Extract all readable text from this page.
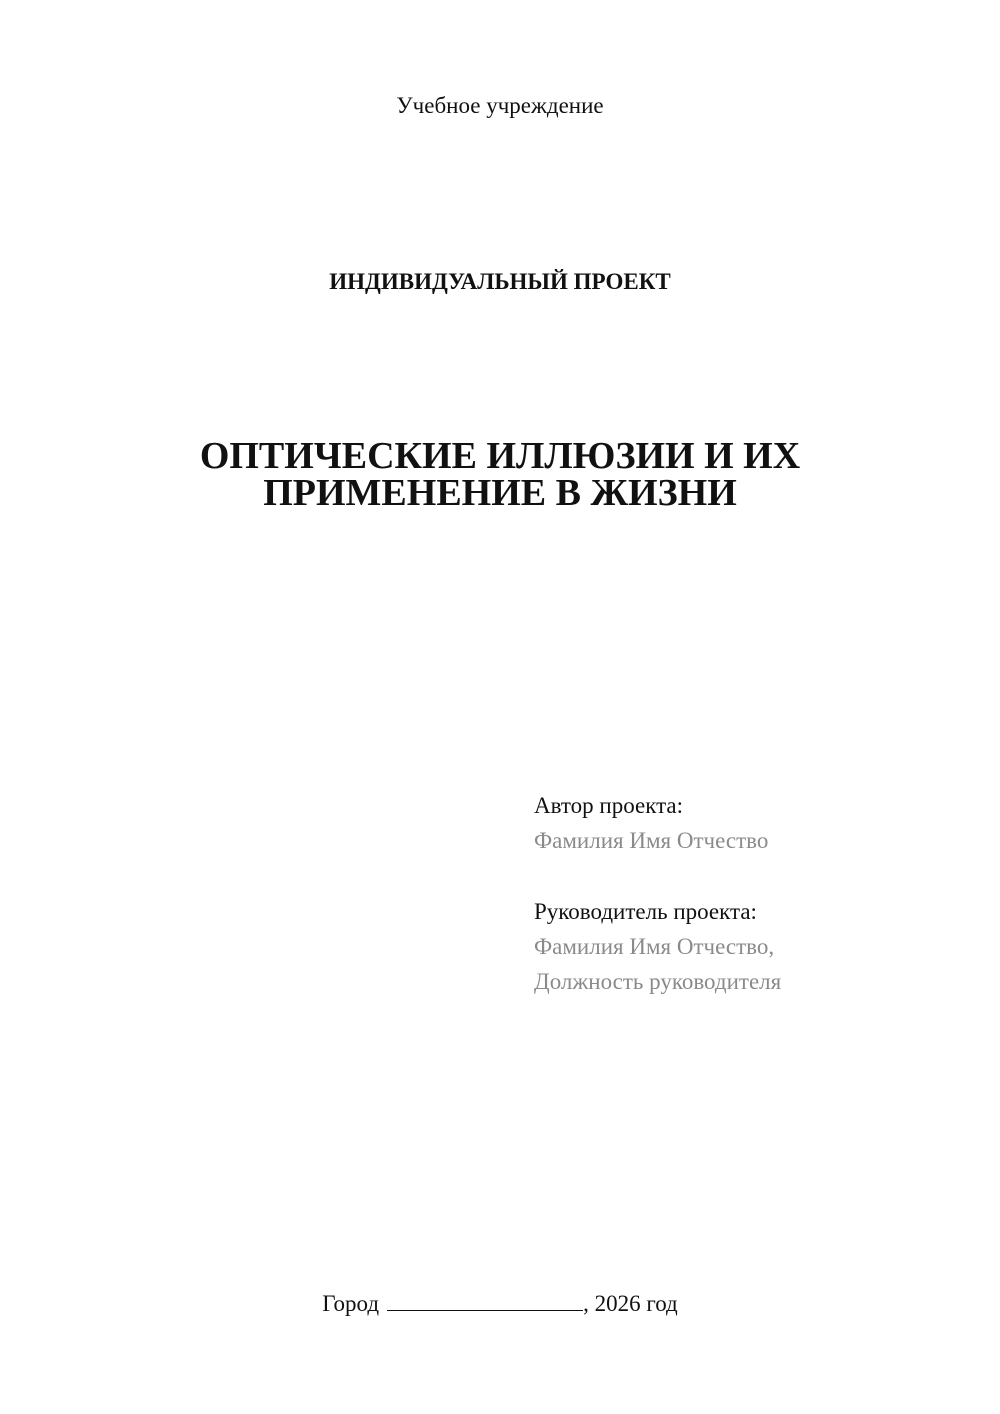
Учебное учреждение
ИНДИВИДУАЛЬНЫЙ ПРОЕКТ
ОПТИЧЕСКИЕ ИЛЛЮЗИИ И ИХ
ПРИМЕНЕНИЕ В ЖИЗНИ
Автор проекта:
Фамилия Имя Отчество
Руководитель проекта:
Фамилия Имя Отчество,
Должность руководителя
Город	, 2026 год
